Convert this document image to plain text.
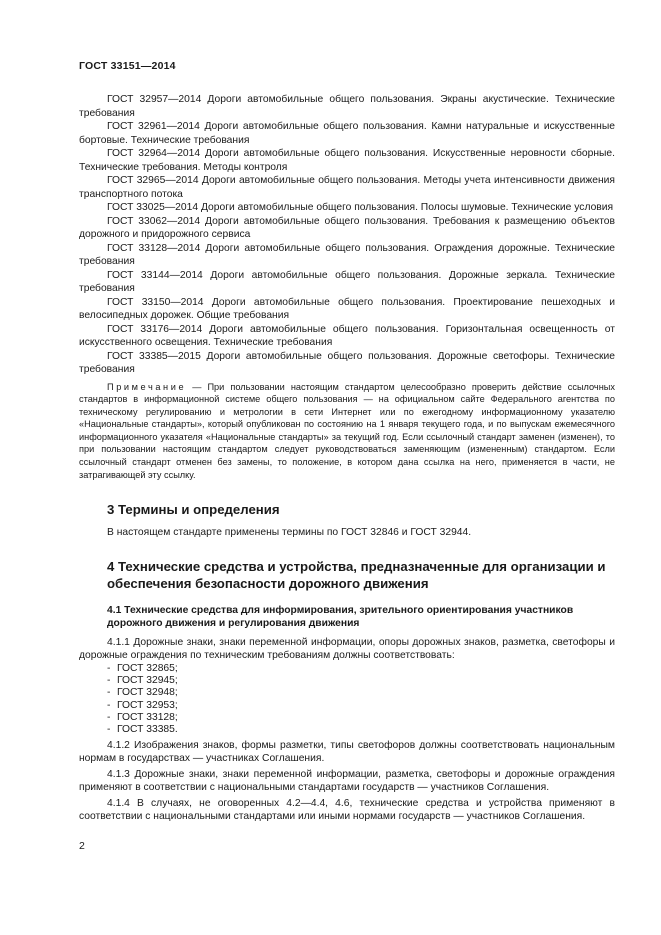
ГОСТ 33151—2014

ГОСТ 32957—2014 Дороги автомобильные общего пользования. Экраны акустические. Технические требования

ГОСТ 32961—2014 Дороги автомобильные общего пользования. Камни натуральные и искусственные бортовые. Технические требования

ГОСТ 32964—2014 Дороги автомобильные общего пользования. Искусственные неровности сборные. Технические требования. Методы контроля

ГОСТ 32965—2014 Дороги автомобильные общего пользования. Методы учета интенсивности движения транспортного потока

ГОСТ 33025—2014 Дороги автомобильные общего пользования. Полосы шумовые. Технические условия

ГОСТ 33062—2014 Дороги автомобильные общего пользования. Требования к размещению объектов дорожного и придорожного сервиса

ГОСТ 33128—2014 Дороги автомобильные общего пользования. Ограждения дорожные. Технические требования

ГОСТ 33144—2014 Дороги автомобильные общего пользования. Дорожные зеркала. Технические требования

ГОСТ 33150—2014 Дороги автомобильные общего пользования. Проектирование пешеходных и велосипедных дорожек. Общие требования

ГОСТ 33176—2014 Дороги автомобильные общего пользования. Горизонтальная освещенность от искусственного освещения. Технические требования

ГОСТ 33385—2015 Дороги автомобильные общего пользования. Дорожные светофоры. Технические требования

Примечание — При пользовании настоящим стандартом целесообразно проверить действие ссылочных стандартов в информационной системе общего пользования — на официальном сайте Федерального агентства по техническому регулированию и метрологии в сети Интернет или по ежегодному информационному указателю «Национальные стандарты», который опубликован по состоянию на 1 января текущего года, и по выпускам ежемесячного информационного указателя «Национальные стандарты» за текущий год. Если ссылочный стандарт заменен (изменен), то при пользовании настоящим стандартом следует руководствоваться заменяющим (измененным) стандартом. Если ссылочный стандарт отменен без замены, то положение, в котором дана ссылка на него, применяется в части, не затрагивающей эту ссылку.
3 Термины и определения

В настоящем стандарте применены термины по ГОСТ 32846 и ГОСТ 32944.

4 Технические средства и устройства, предназначенные для организации и обеспечения безопасности дорожного движения
4.1 Технические средства для информирования, зрительного ориентирования участников дорожного движения и регулирования движения

4.1.1 Дорожные знаки, знаки переменной информации, опоры дорожных знаков, разметка, светофоры и дорожные ограждения по техническим требованиям должны соответствовать:

- ГОСТ 32865;
- ГОСТ 32945;
- ГОСТ 32948;
- ГОСТ 32953;
- ГОСТ 33128;
- ГОСТ 33385.

4.1.2 Изображения знаков, формы разметки, типы светофоров должны соответствовать национальным нормам в государствах — участниках Соглашения.

4.1.3 Дорожные знаки, знаки переменной информации, разметка, светофоры и дорожные ограждения применяют в соответствии с национальными стандартами государств — участников Соглашения.

4.1.4 В случаях, не оговоренных 4.2—4.4, 4.6, технические средства и устройства применяют в соответствии с национальными стандартами или иными нормами государств — участников Соглашения.

2
